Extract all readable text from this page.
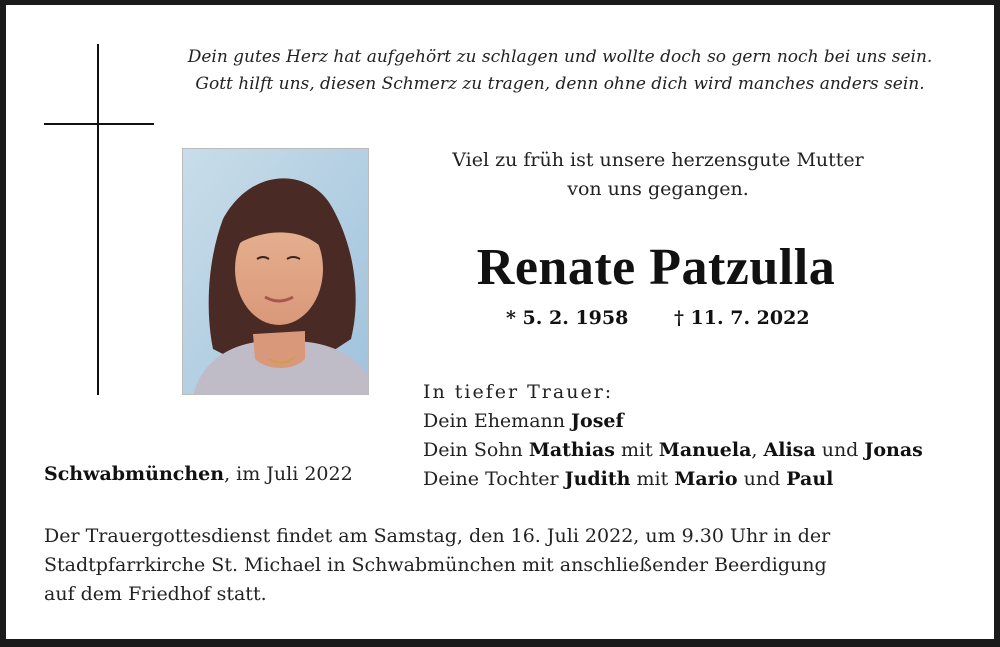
Dein gutes Herz hat aufgehört zu schlagen und wollte doch so gern noch bei uns sein.
Gott hilft uns, diesen Schmerz zu tragen, denn ohne dich wird manches anders sein.
Viel zu früh ist unsere herzensgute Mutter
von uns gegangen.
Renate Patzulla
* 5. 2. 1958 † 11. 7. 2022
In tiefer Trauer:
Dein Ehemann Josef
Dein Sohn Mathias mit Manuela, Alisa und Jonas
Deine Tochter Judith mit Mario und Paul
Schwabmünchen, im Juli 2022
Der Trauergottesdienst findet am Samstag, den 16. Juli 2022, um 9.30 Uhr in der
Stadtpfarrkirche St. Michael in Schwabmünchen mit anschließender Beerdigung
auf dem Friedhof statt.
